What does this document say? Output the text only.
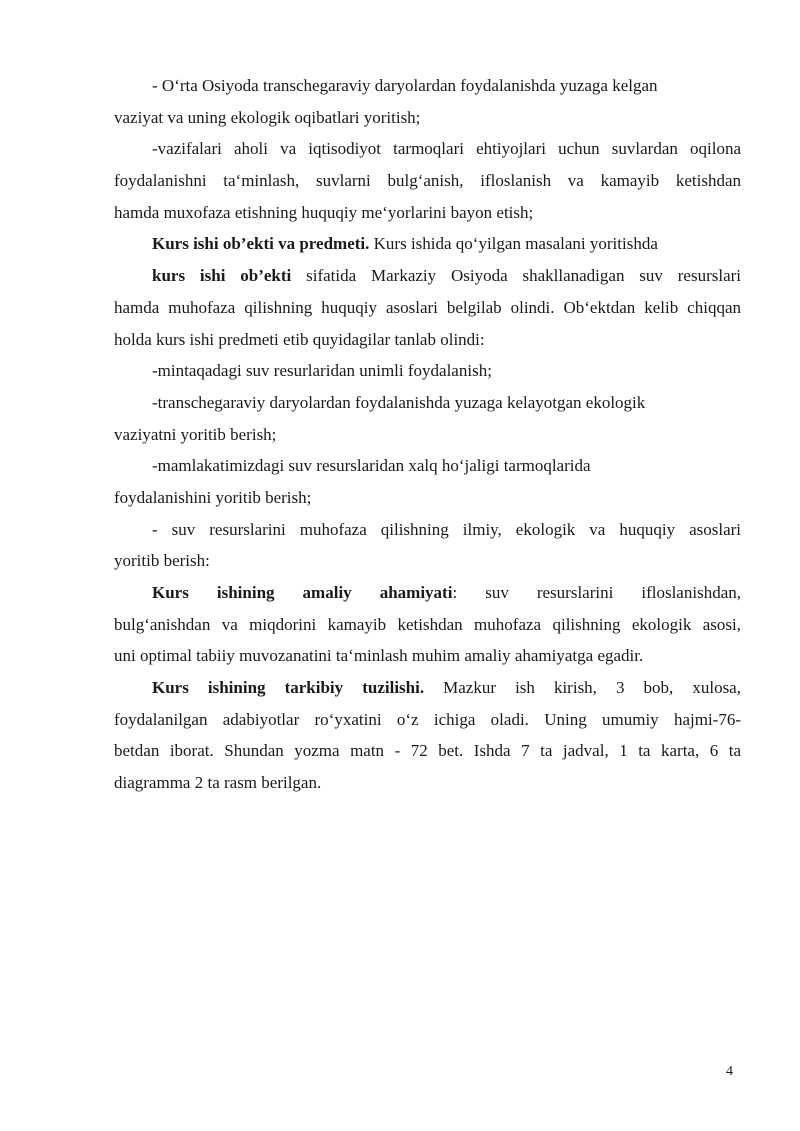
- O‘rta Osiyoda transchegaraviy daryolardan foydalanishda yuzaga kelgan
vaziyat va uning ekologik oqibatlari yoritish;
-vazifalari aholi va iqtisodiyot tarmoqlari ehtiyojlari uchun suvlardan oqilona
foydalanishni ta‘minlash, suvlarni bulg‘anish, ifloslanish va kamayib ketishdan
hamda muxofaza etishning huquqiy me‘yorlarini bayon etish;
Kurs ishi ob’ekti va predmeti. Kurs ishida qo‘yilgan masalani yoritishda
kurs ishi ob’ekti sifatida Markaziy Osiyoda shakllanadigan suv resurslari
hamda muhofaza qilishning huquqiy asoslari belgilab olindi. Ob‘ektdan kelib chiqqan
holda kurs ishi predmeti etib quyidagilar tanlab olindi:
-mintaqadagi suv resurlaridan unimli foydalanish;
-transchegaraviy daryolardan foydalanishda yuzaga kelayotgan ekologik
vaziyatni yoritib berish;
-mamlakatimizdagi suv resurslaridan xalq ho‘jaligi tarmoqlarida
foydalanishini yoritib berish;
- suv resurslarini muhofaza qilishning ilmiy, ekologik va huquqiy asoslari
yoritib berish:
Kurs ishining amaliy ahamiyati: suv resurslarini ifloslanishdan,
bulg‘anishdan va miqdorini kamayib ketishdan muhofaza qilishning ekologik asosi,
uni optimal tabiiy muvozanatini ta‘minlash muhim amaliy ahamiyatga egadir.
Kurs ishining tarkibiy tuzilishi. Mazkur ish kirish, 3 bob, xulosa,
foydalanilgan adabiyotlar ro‘yxatini o‘z ichiga oladi. Uning umumiy hajmi-76-
betdan iborat. Shundan yozma matn - 72 bet. Ishda 7 ta jadval, 1 ta karta, 6 ta
diagramma 2 ta rasm berilgan.
4
